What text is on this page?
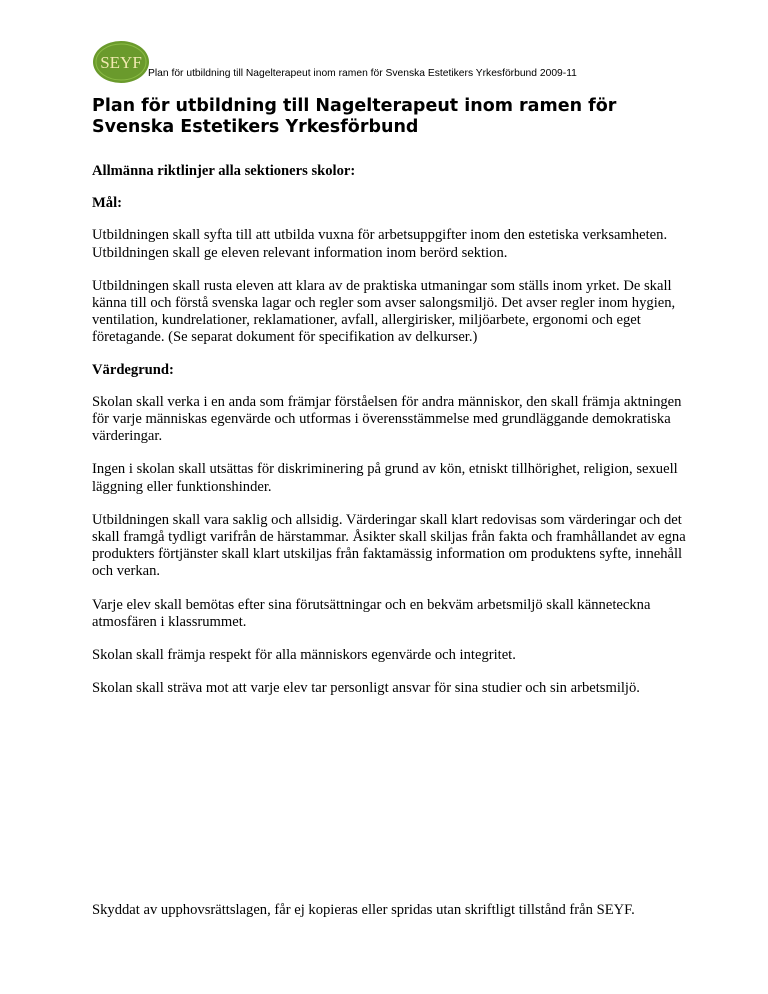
SEYF
Plan för utbildning till Nagelterapeut inom ramen för Svenska Estetikers Yrkesförbund 2009-11
Plan för utbildning till Nagelterapeut inom ramen för
Svenska Estetikers Yrkesförbund
Allmänna riktlinjer alla sektioners skolor:
Mål:

Utbildningen skall syfta till att utbilda vuxna för arbetsuppgifter inom den estetiska verksamheten. Utbildningen skall ge eleven relevant information inom berörd sektion.

Utbildningen skall rusta eleven att klara av de praktiska utmaningar som ställs inom yrket. De skall känna till och förstå svenska lagar och regler som avser salongsmiljö. Det avser regler inom hygien, ventilation, kundrelationer, reklamationer, avfall, allergirisker, miljöarbete, ergonomi och eget företagande. (Se separat dokument för specifikation av delkurser.)

Värdegrund:

Skolan skall verka i en anda som främjar förståelsen för andra människor, den skall främja aktningen för varje människas egenvärde och utformas i överensstämmelse med grundläggande demokratiska värderingar.

Ingen i skolan skall utsättas för diskriminering på grund av kön, etniskt tillhörighet, religion, sexuell läggning eller funktionshinder.

Utbildningen skall vara saklig och allsidig. Värderingar skall klart redovisas som värderingar och det skall framgå tydligt varifrån de härstammar. Åsikter skall skiljas från fakta och framhållandet av egna produkters förtjänster skall klart utskiljas från faktamässig information om produktens syfte, innehåll och verkan.

Varje elev skall bemötas efter sina förutsättningar och en bekväm arbetsmiljö skall känneteckna atmosfären i klassrummet.

Skolan skall främja respekt för alla människors egenvärde och integritet.

Skolan skall sträva mot att varje elev tar personligt ansvar för sina studier och sin arbetsmiljö.

Skyddat av upphovsrättslagen, får ej kopieras eller spridas utan skriftligt tillstånd från SEYF.
